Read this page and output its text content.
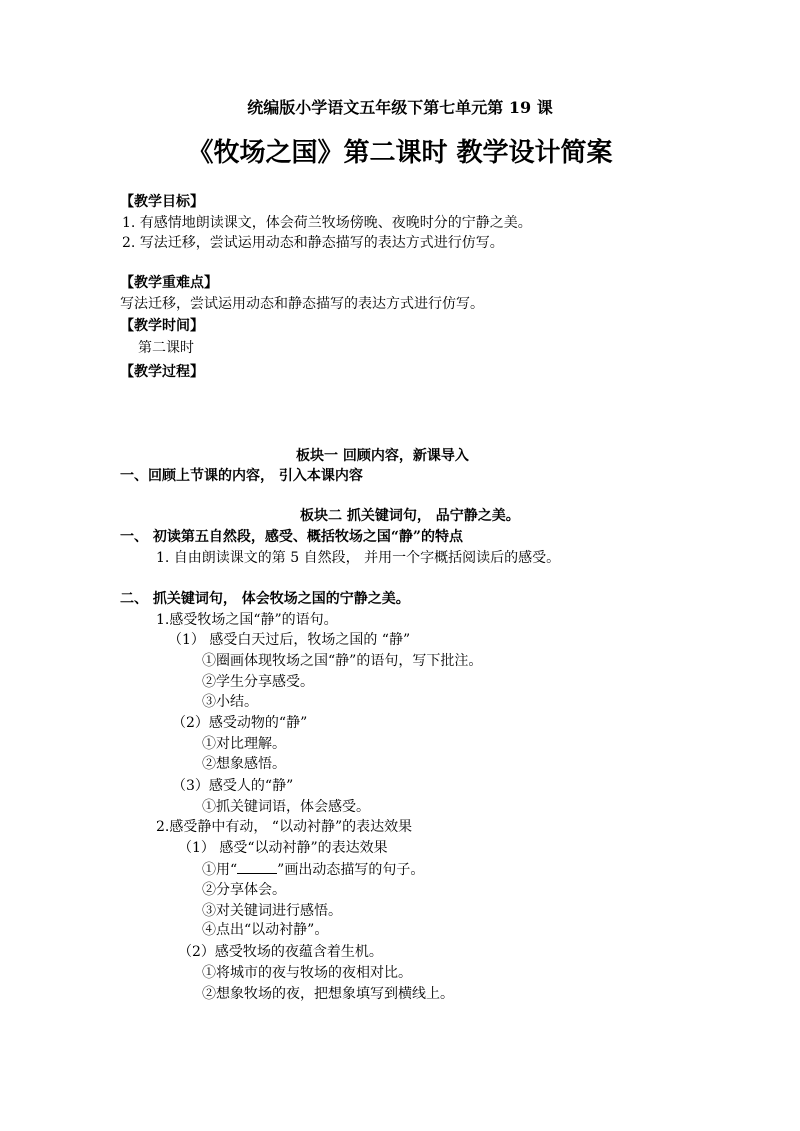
统编版小学语文五年级下第七单元第 19 课
《牧场之国》第二课时 教学设计简案
【教学目标】
1. 有感情地朗读课文，体会荷兰牧场傍晚、夜晚时分的宁静之美。
2. 写法迁移，尝试运用动态和静态描写的表达方式进行仿写。
【教学重难点】
写法迁移，尝试运用动态和静态描写的表达方式进行仿写。
【教学时间】
第二课时
【教学过程】
板块一 回顾内容，新课导入
一、回顾上节课的内容， 引入本课内容
板块二 抓关键词句， 品宁静之美。
一、 初读第五自然段，感受、概括牧场之国“静”的特点
1. 自由朗读课文的第 5 自然段， 并用一个字概括阅读后的感受。
二、 抓关键词句， 体会牧场之国的宁静之美。
1.感受牧场之国“静”的语句。
（1） 感受白天过后，牧场之国的 “静”
①圈画体现牧场之国“静”的语句，写下批注。
②学生分享感受。
③小结。
（2）感受动物的“静”
①对比理解。
②想象感悟。
（3）感受人的“静”
①抓关键词语，体会感受。
2.感受静中有动， “以动衬静”的表达效果
（1） 感受“以动衬静”的表达效果
①用“	”画出动态描写的句子。
②分享体会。
③对关键词进行感悟。
④点出“以动衬静”。
（2）感受牧场的夜蕴含着生机。
①将城市的夜与牧场的夜相对比。
②想象牧场的夜，把想象填写到横线上。
